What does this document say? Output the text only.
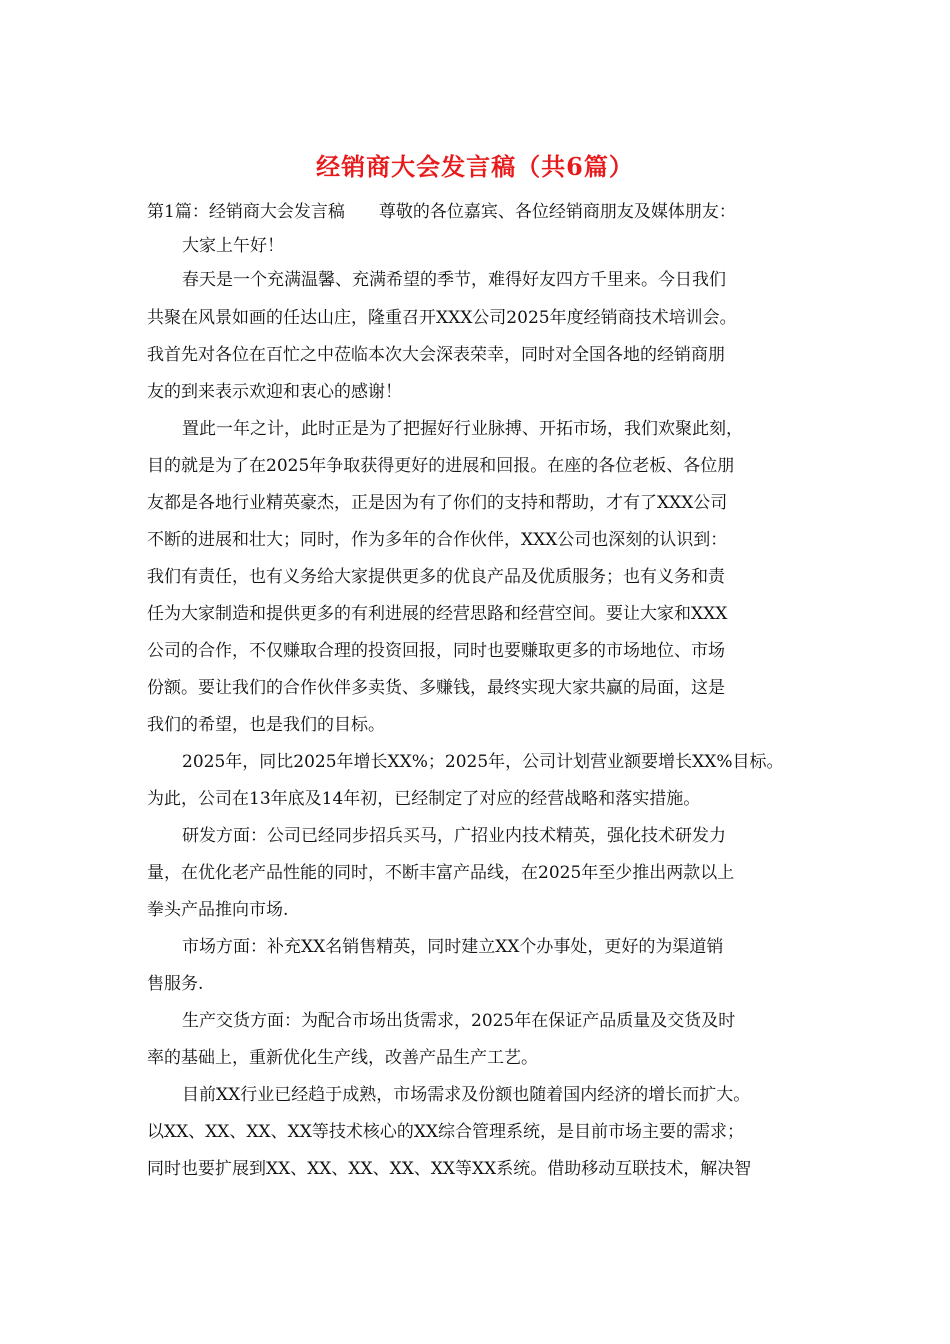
经销商大会发言稿（共6篇）
第1篇：经销商大会发言稿　　尊敬的各位嘉宾、各位经销商朋友及媒体朋友：
大家上午好！
春天是一个充满温馨、充满希望的季节，难得好友四方千里来。今日我们
共聚在风景如画的任达山庄，隆重召开XXX公司2025年度经销商技术培训会。
我首先对各位在百忙之中莅临本次大会深表荣幸，同时对全国各地的经销商朋
友的到来表示欢迎和衷心的感谢！
置此一年之计，此时正是为了把握好行业脉搏、开拓市场，我们欢聚此刻，
目的就是为了在2025年争取获得更好的进展和回报。在座的各位老板、各位朋
友都是各地行业精英豪杰，正是因为有了你们的支持和帮助，才有了XXX公司
不断的进展和壮大；同时，作为多年的合作伙伴，XXX公司也深刻的认识到：
我们有责任，也有义务给大家提供更多的优良产品及优质服务；也有义务和责
任为大家制造和提供更多的有利进展的经营思路和经营空间。要让大家和XXX
公司的合作，不仅赚取合理的投资回报，同时也要赚取更多的市场地位、市场
份额。要让我们的合作伙伴多卖货、多赚钱，最终实现大家共赢的局面，这是
我们的希望，也是我们的目标。
2025年，同比2025年增长XX%；2025年，公司计划营业额要增长XX%目标。
为此，公司在13年底及14年初，已经制定了对应的经营战略和落实措施。
研发方面：公司已经同步招兵买马，广招业内技术精英，强化技术研发力
量，在优化老产品性能的同时，不断丰富产品线，在2025年至少推出两款以上
拳头产品推向市场.
市场方面：补充XX名销售精英，同时建立XX个办事处，更好的为渠道销
售服务.
生产交货方面：为配合市场出货需求，2025年在保证产品质量及交货及时
率的基础上，重新优化生产线，改善产品生产工艺。
目前XX行业已经趋于成熟，市场需求及份额也随着国内经济的增长而扩大。
以XX、XX、XX、XX等技术核心的XX综合管理系统，是目前市场主要的需求；
同时也要扩展到XX、XX、XX、XX、XX等XX系统。借助移动互联技术，解决智
